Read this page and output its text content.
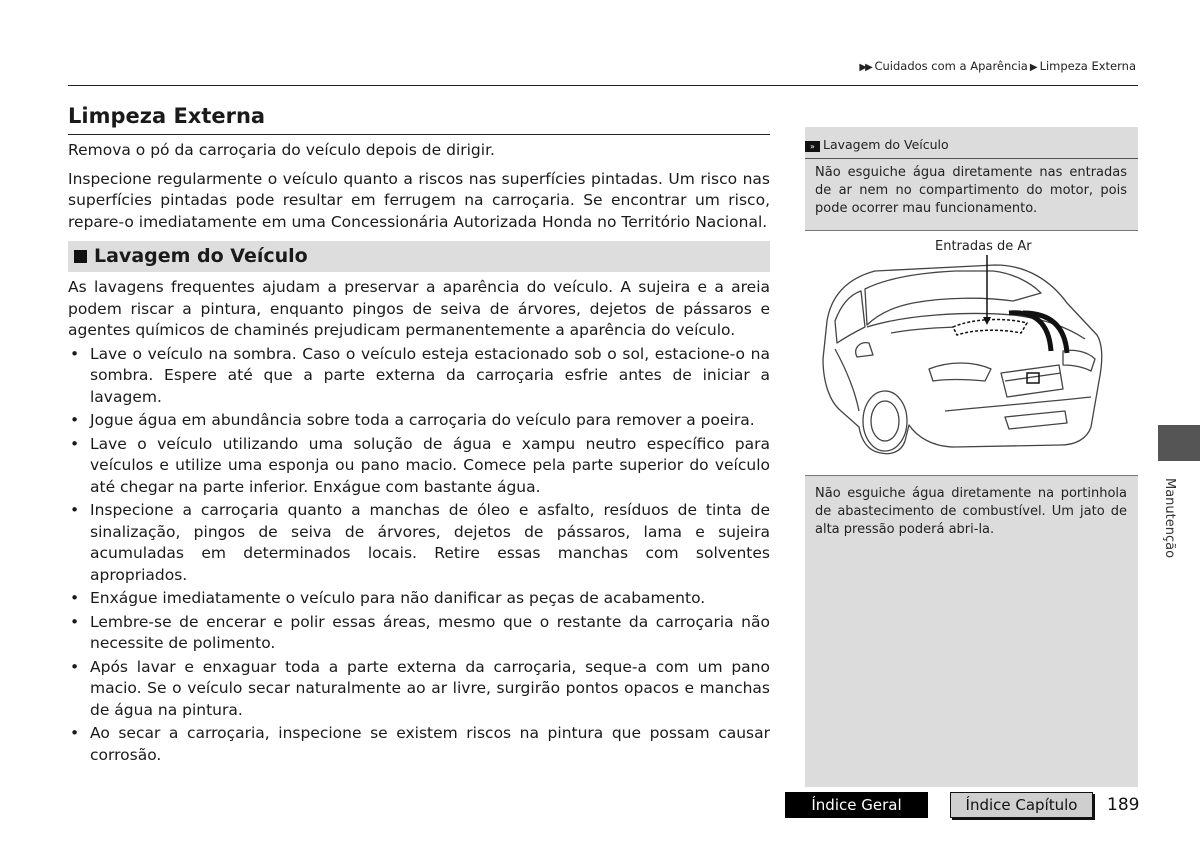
▶▶ Cuidados com a Aparência ▶ Limpeza Externa
Limpeza Externa

Remova o pó da carroçaria do veículo depois de dirigir.

Inspecione regularmente o veículo quanto a riscos nas superfícies pintadas. Um risco nas superfícies pintadas pode resultar em ferrugem na carroçaria. Se encontrar um risco, repare-o imediatamente em uma Concessionária Autorizada Honda no Território Nacional.

Lavagem do Veículo

As lavagens frequentes ajudam a preservar a aparência do veículo. A sujeira e a areia podem riscar a pintura, enquanto pingos de seiva de árvores, dejetos de pássaros e agentes químicos de chaminés prejudicam permanentemente a aparência do veículo.

• Lave o veículo na sombra. Caso o veículo esteja estacionado sob o sol, estacione-o na sombra. Espere até que a parte externa da carroçaria esfrie antes de iniciar a lavagem.
• Jogue água em abundância sobre toda a carroçaria do veículo para remover a poeira.
• Lave o veículo utilizando uma solução de água e xampu neutro específico para veículos e utilize uma esponja ou pano macio. Comece pela parte superior do veículo até chegar na parte inferior. Enxágue com bastante água.
• Inspecione a carroçaria quanto a manchas de óleo e asfalto, resíduos de tinta de sinalização, pingos de seiva de árvores, dejetos de pássaros, lama e sujeira acumuladas em determinados locais. Retire essas manchas com solventes apropriados.
• Enxágue imediatamente o veículo para não danificar as peças de acabamento.
• Lembre-se de encerar e polir essas áreas, mesmo que o restante da carroçaria não necessite de polimento.
• Após lavar e enxaguar toda a parte externa da carroçaria, seque-a com um pano macio. Se o veículo secar naturalmente ao ar livre, surgirão pontos opacos e manchas de água na pintura.
• Ao secar a carroçaria, inspecione se existem riscos na pintura que possam causar corrosão.
» Lavagem do Veículo
Não esguiche água diretamente nas entradas de ar nem no compartimento do motor, pois pode ocorrer mau funcionamento.
Entradas de Ar
Não esguiche água diretamente na portinhola de abastecimento de combustível. Um jato de alta pressão poderá abri-la.	Manutenção
Índice Geral	Índice Capítulo	189
